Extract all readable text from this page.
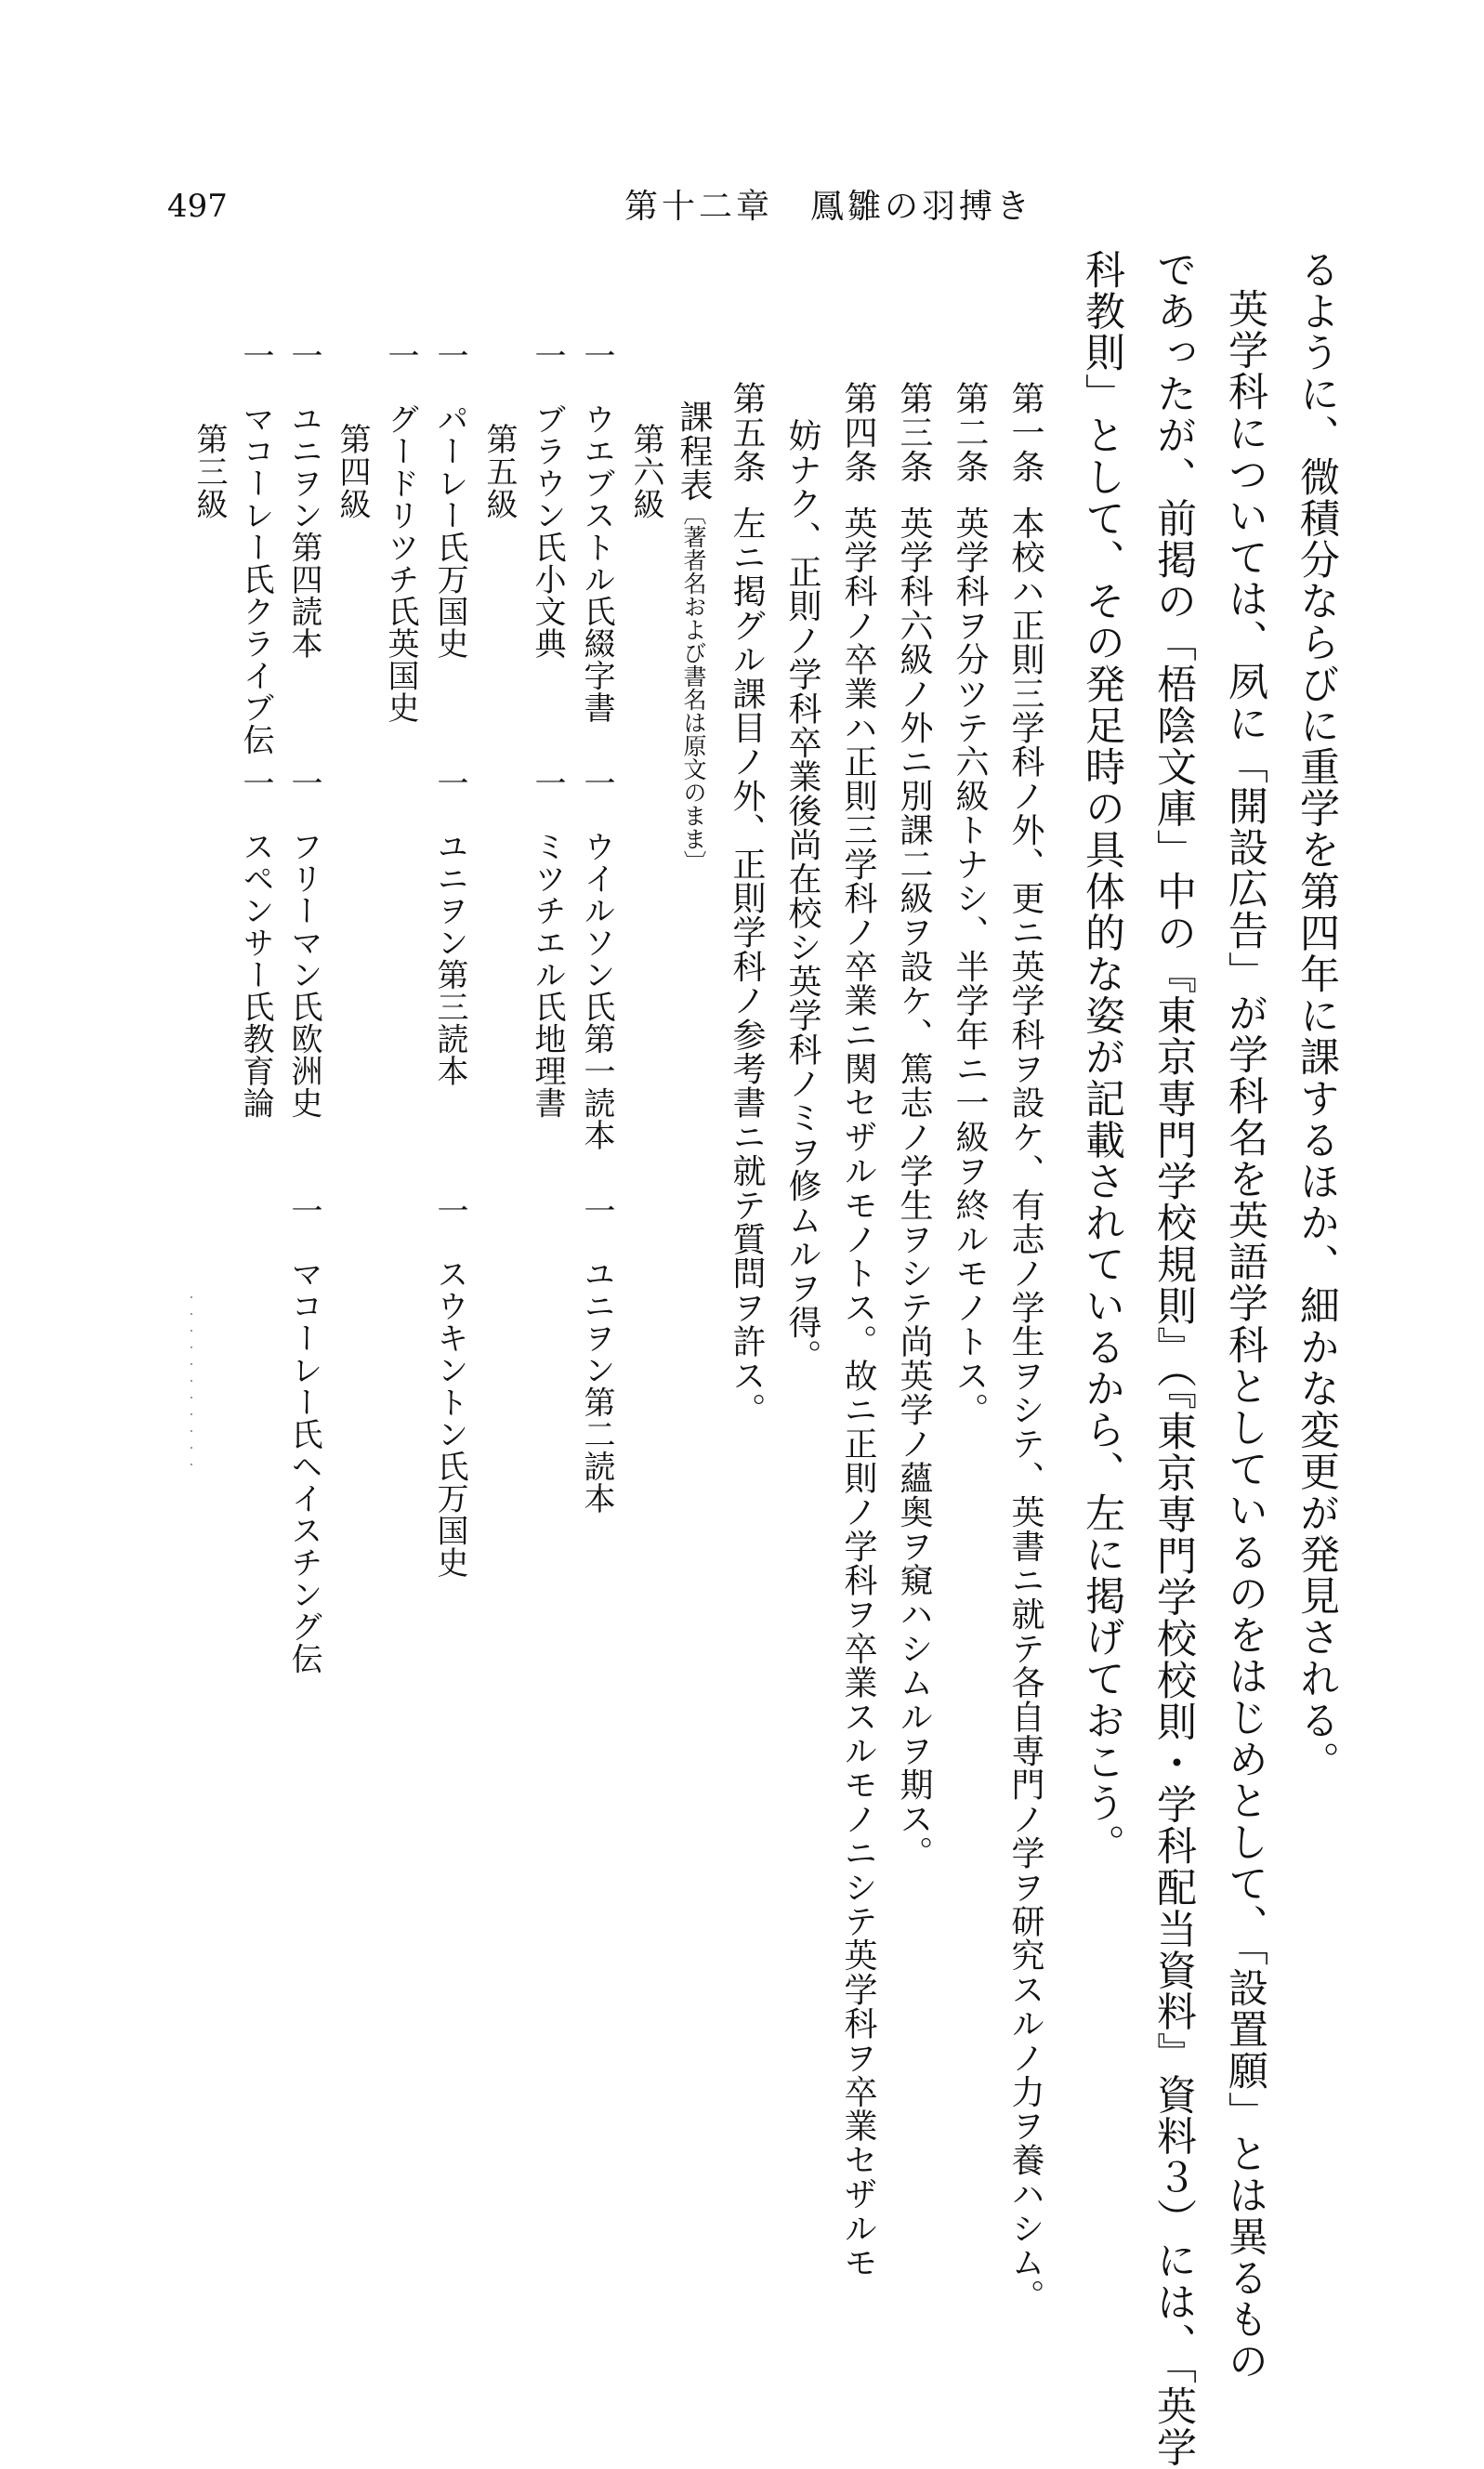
497	第十二章　鳳雛の羽搏き
るように、微積分ならびに重学を第四年に課するほか、細かな変更が発見される。
英学科については、夙に「開設広告」が学科名を英語学科としているのをはじめとして、「設置願」とは異るもの
であったが、前掲の「梧陰文庫」中の『東京専門学校規則』（『東京専門学校校則・学科配当資料』資料３）には、「英学
科教則」として、その発足時の具体的な姿が記載されているから、左に掲げておこう。
第一条本校ハ正則三学科ノ外、更ニ英学科ヲ設ケ、有志ノ学生ヲシテ、英書ニ就テ各自専門ノ学ヲ研究スルノ力ヲ養ハシム。
第二条英学科ヲ分ツテ六級トナシ、半学年ニ一級ヲ終ルモノトス。
第三条英学科六級ノ外ニ別課二級ヲ設ケ、篤志ノ学生ヲシテ尚英学ノ蘊奥ヲ窺ハシムルヲ期ス。
第四条英学科ノ卒業ハ正則三学科ノ卒業ニ関セザルモノトス。故ニ正則ノ学科ヲ卒業スルモノニシテ英学科ヲ卒業セザルモ
妨ナク、正則ノ学科卒業後尚在校シ英学科ノミヲ修ムルヲ得。
第五条左ニ掲グル課目ノ外、正則学科ノ参考書ニ就テ質問ヲ許ス。
課程表〔著者名および書名は原文のまま〕
第六級
第五級
第四級
第三級
一ウエブストル氏綴字書
一ウイルソン氏第一読本
一ユニヲン第二読本
一ブラウン氏小文典
一ミツチエル氏地理書
一パーレー氏万国史
一ユニヲン第三読本
一スウキントン氏万国史
一グードリツチ氏英国史
一ユニヲン第四読本
一フリーマン氏欧洲史
一マコーレー氏ヘイスチング伝
一マコーレー氏クライブ伝
一スペンサー氏教育論
